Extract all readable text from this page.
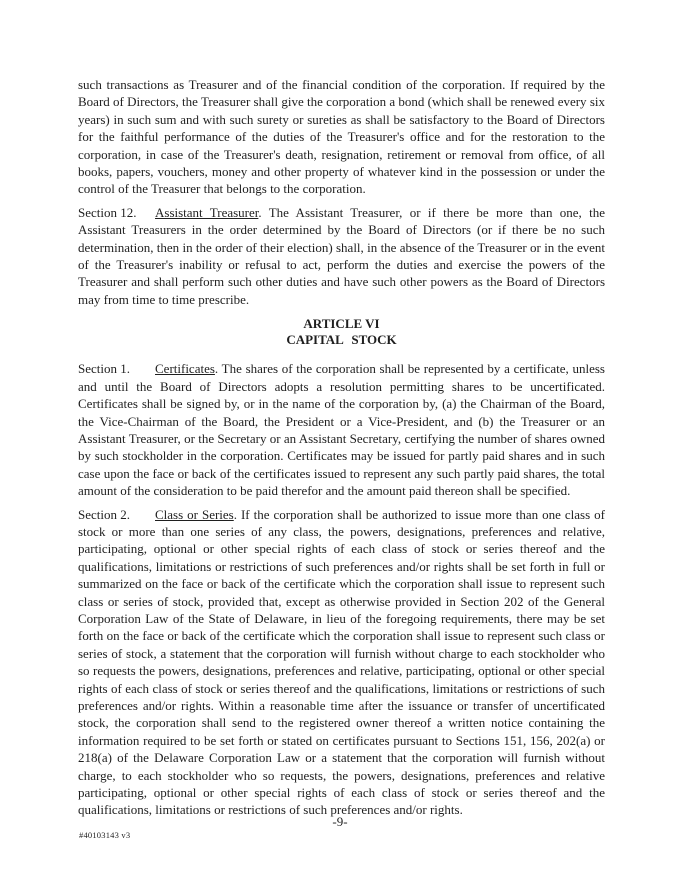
such transactions as Treasurer and of the financial condition of the corporation. If required by the Board of Directors, the Treasurer shall give the corporation a bond (which shall be renewed every six years) in such sum and with such surety or sureties as shall be satisfactory to the Board of Directors for the faithful performance of the duties of the Treasurer's office and for the restoration to the corporation, in case of the Treasurer's death, resignation, retirement or removal from office, of all books, papers, vouchers, money and other property of whatever kind in the possession or under the control of the Treasurer that belongs to the corporation.

Section 12. Assistant Treasurer. The Assistant Treasurer, or if there be more than one, the Assistant Treasurers in the order determined by the Board of Directors (or if there be no such determination, then in the order of their election) shall, in the absence of the Treasurer or in the event of the Treasurer's inability or refusal to act, perform the duties and exercise the powers of the Treasurer and shall perform such other duties and have such other powers as the Board of Directors may from time to time prescribe.

ARTICLE VI
CAPITAL STOCK

Section 1. Certificates. The shares of the corporation shall be represented by a certificate, unless and until the Board of Directors adopts a resolution permitting shares to be uncertificated. Certificates shall be signed by, or in the name of the corporation by, (a) the Chairman of the Board, the Vice-Chairman of the Board, the President or a Vice-President, and (b) the Treasurer or an Assistant Treasurer, or the Secretary or an Assistant Secretary, certifying the number of shares owned by such stockholder in the corporation. Certificates may be issued for partly paid shares and in such case upon the face or back of the certificates issued to represent any such partly paid shares, the total amount of the consideration to be paid therefor and the amount paid thereon shall be specified.

Section 2. Class or Series. If the corporation shall be authorized to issue more than one class of stock or more than one series of any class, the powers, designations, preferences and relative, participating, optional or other special rights of each class of stock or series thereof and the qualifications, limitations or restrictions of such preferences and/or rights shall be set forth in full or summarized on the face or back of the certificate which the corporation shall issue to represent such class or series of stock, provided that, except as otherwise provided in Section 202 of the General Corporation Law of the State of Delaware, in lieu of the foregoing requirements, there may be set forth on the face or back of the certificate which the corporation shall issue to represent such class or series of stock, a statement that the corporation will furnish without charge to each stockholder who so requests the powers, designations, preferences and relative, participating, optional or other special rights of each class of stock or series thereof and the qualifications, limitations or restrictions of such preferences and/or rights. Within a reasonable time after the issuance or transfer of uncertificated stock, the corporation shall send to the registered owner thereof a written notice containing the information required to be set forth or stated on certificates pursuant to Sections 151, 156, 202(a) or 218(a) of the Delaware Corporation Law or a statement that the corporation will furnish without charge, to each stockholder who so requests, the powers, designations, preferences and relative participating, optional or other special rights of each class of stock or series thereof and the qualifications, limitations or restrictions of such preferences and/or rights.

-9-
#40103143 v3
